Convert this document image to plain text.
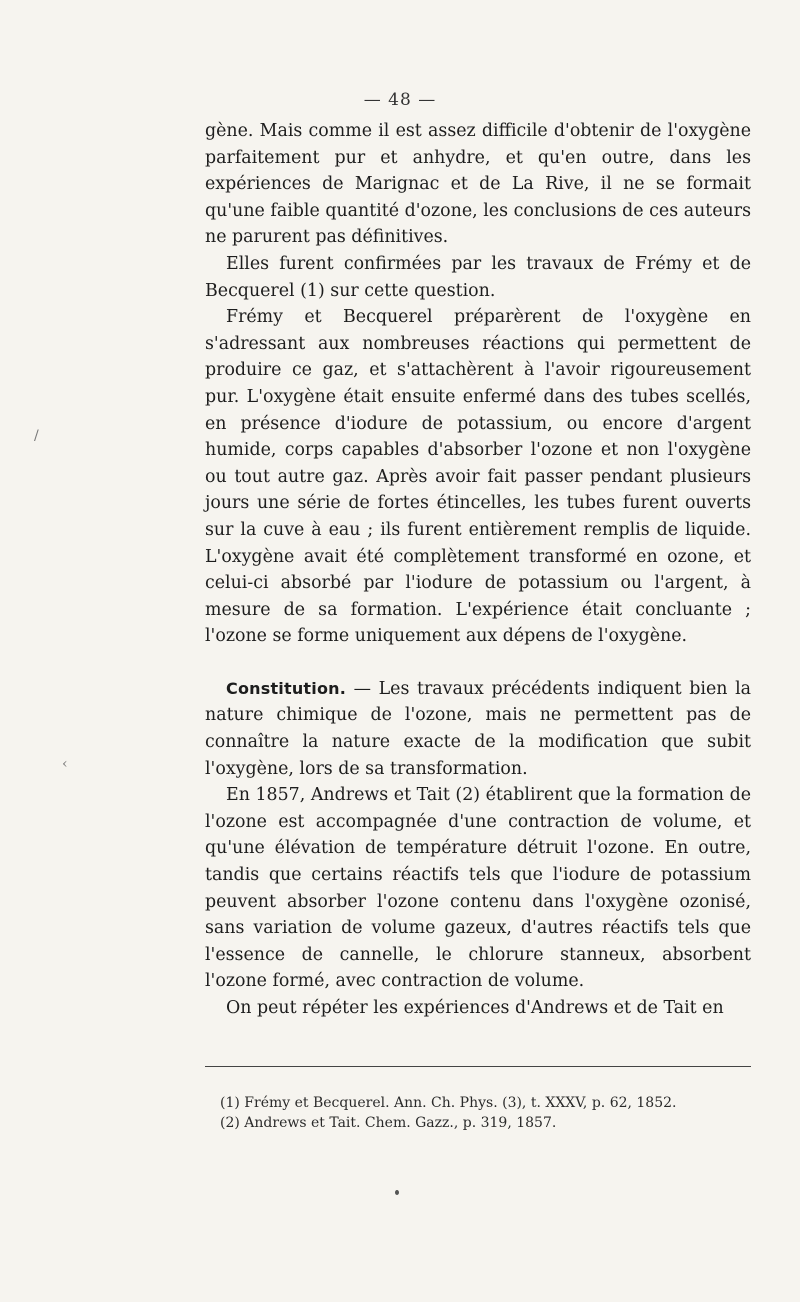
— 48 —

gène. Mais comme il est assez difficile d'obtenir de l'oxygène parfaitement pur et anhydre, et qu'en outre, dans les expériences de Marignac et de La Rive, il ne se formait qu'une faible quantité d'ozone, les conclusions de ces auteurs ne parurent pas définitives.

Elles furent confirmées par les travaux de Frémy et de Becquerel (1) sur cette question.

Frémy et Becquerel préparèrent de l'oxygène en s'adressant aux nombreuses réactions qui permettent de produire ce gaz, et s'attachèrent à l'avoir rigoureusement pur. L'oxygène était ensuite enfermé dans des tubes scellés, en présence d'iodure de potassium, ou encore d'argent humide, corps capables d'absorber l'ozone et non l'oxygène ou tout autre gaz. Après avoir fait passer pendant plusieurs jours une série de fortes étincelles, les tubes furent ouverts sur la cuve à eau ; ils furent entièrement remplis de liquide. L'oxygène avait été complètement transformé en ozone, et celui-ci absorbé par l'iodure de potassium ou l'argent, à mesure de sa formation. L'expérience était concluante ; l'ozone se forme uniquement aux dépens de l'oxygène.

Constitution. — Les travaux précédents indiquent bien la nature chimique de l'ozone, mais ne permettent pas de connaître la nature exacte de la modification que subit l'oxygène, lors de sa transformation.

En 1857, Andrews et Tait (2) établirent que la formation de l'ozone est accompagnée d'une contraction de volume, et qu'une élévation de température détruit l'ozone. En outre, tandis que certains réactifs tels que l'iodure de potassium peuvent absorber l'ozone contenu dans l'oxygène ozonisé, sans variation de volume gazeux, d'autres réactifs tels que l'essence de cannelle, le chlorure stanneux, absorbent l'ozone formé, avec contraction de volume.

On peut répéter les expériences d'Andrews et de Tait en

(1) Frémy et Becquerel. Ann. Ch. Phys. (3), t. XXXV, p. 62, 1852.

(2) Andrews et Tait. Chem. Gazz., p. 319, 1857.

/
‹
